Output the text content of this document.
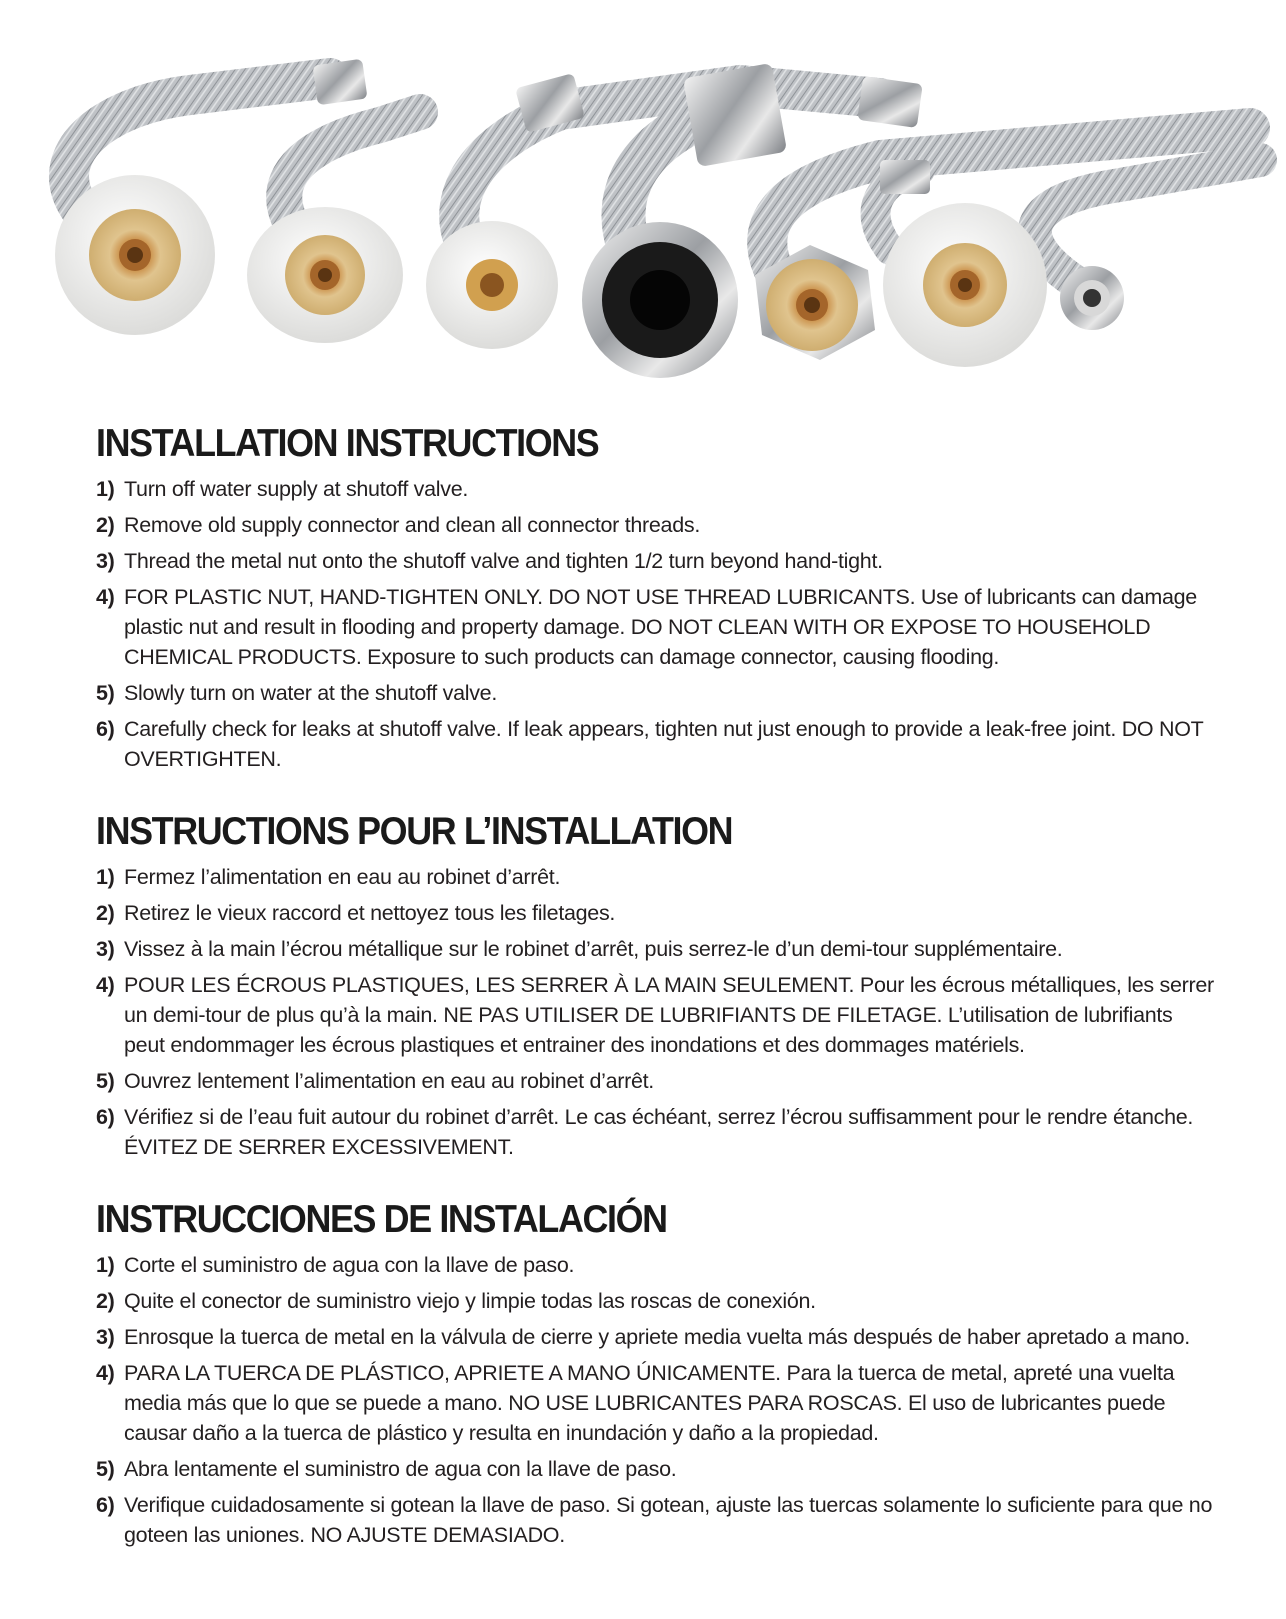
INSTALLATION INSTRUCTIONS
1) Turn off water supply at shutoff valve.
2) Remove old supply connector and clean all connector threads.
3) Thread the metal nut onto the shutoff valve and tighten 1/2 turn beyond hand-tight.
4) FOR PLASTIC NUT, HAND-TIGHTEN ONLY. DO NOT USE THREAD LUBRICANTS. Use of lubricants can damage plastic nut and result in flooding and property damage. DO NOT CLEAN WITH OR EXPOSE TO HOUSEHOLD CHEMICAL PRODUCTS. Exposure to such products can damage connector, causing flooding.
5) Slowly turn on water at the shutoff valve.
6) Carefully check for leaks at shutoff valve. If leak appears, tighten nut just enough to provide a leak-free joint. DO NOT OVERTIGHTEN.
INSTRUCTIONS POUR L’INSTALLATION
1) Fermez l’alimentation en eau au robinet d’arrêt.
2) Retirez le vieux raccord et nettoyez tous les filetages.
3) Vissez à la main l’écrou métallique sur le robinet d’arrêt, puis serrez-le d’un demi-tour supplémentaire.
4) POUR LES ÉCROUS PLASTIQUES, LES SERRER À LA MAIN SEULEMENT. Pour les écrous métalliques, les serrer un demi-tour de plus qu’à la main. NE PAS UTILISER DE LUBRIFIANTS DE FILETAGE. L’utilisation de lubrifiants peut endommager les écrous plastiques et entrainer des inondations et des dommages matériels.
5) Ouvrez lentement l’alimentation en eau au robinet d’arrêt.
6) Vérifiez si de l’eau fuit autour du robinet d’arrêt. Le cas échéant, serrez l’écrou suffisamment pour le rendre étanche. ÉVITEZ DE SERRER EXCESSIVEMENT.
INSTRUCCIONES DE INSTALACIÓN
1) Corte el suministro de agua con la llave de paso.
2) Quite el conector de suministro viejo y limpie todas las roscas de conexión.
3) Enrosque la tuerca de metal en la válvula de cierre y apriete media vuelta más después de haber apretado a mano.
4) PARA LA TUERCA DE PLÁSTICO, APRIETE A MANO ÚNICAMENTE. Para la tuerca de metal, apreté una vuelta media más que lo que se puede a mano. NO USE LUBRICANTES PARA ROSCAS. El uso de lubricantes puede causar daño a la tuerca de plástico y resulta en inundación y daño a la propiedad.
5) Abra lentamente el suministro de agua con la llave de paso.
6) Verifique cuidadosamente si gotean la llave de paso. Si gotean, ajuste las tuercas solamente lo suficiente para que no goteen las uniones. NO AJUSTE DEMASIADO.
